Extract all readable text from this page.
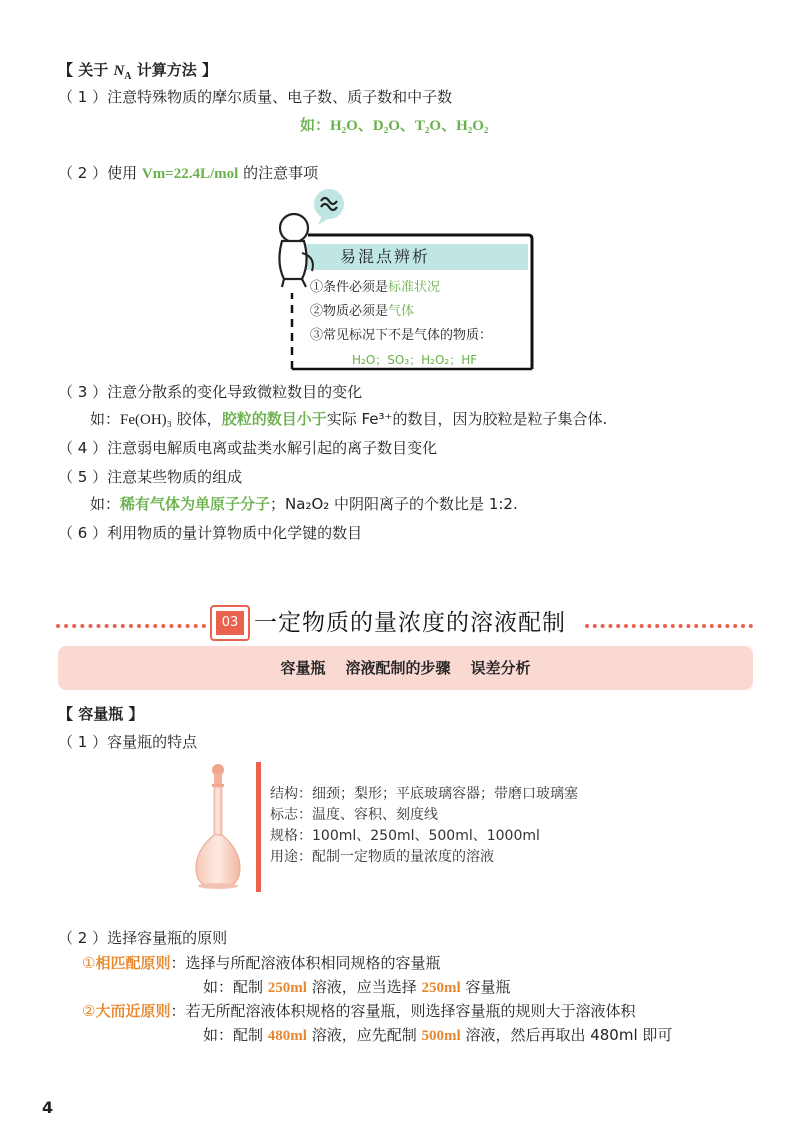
【 关于 $N_A$ 计算方法 】
（ 1 ）注意特殊物质的摩尔质量、电子数、质子数和中子数
如：H₂O、D₂O、T₂O、H₂O₂
（ 2 ）使用 Vm=22.4L/mol 的注意事项
易混点辨析
①条件必须是标准状况
②物质必须是气体
③常见标况下不是气体的物质：
H₂O；SO₃；H₂O₂；HF
（ 3 ）注意分散系的变化导致微粒数目的变化
如：Fe(OH)₃ 胶体，胶粒的数目小于实际 Fe³⁺的数目，因为胶粒是粒子集合体.
（ 4 ）注意弱电解质电离或盐类水解引起的离子数目变化
（ 5 ）注意某些物质的组成
如：稀有气体为单原子分子；Na₂O₂ 中阴阳离子的个数比是 1:2.
（ 6 ）利用物质的量计算物质中化学键的数目
03 一定物质的量浓度的溶液配制
容量瓶 溶液配制的步骤 误差分析
【 容量瓶 】
（ 1 ）容量瓶的特点
结构：细颈；梨形；平底玻璃容器；带磨口玻璃塞
标志：温度、容积、刻度线
规格：100ml、250ml、500ml、1000ml
用途：配制一定物质的量浓度的溶液
（ 2 ）选择容量瓶的原则
①相匹配原则：选择与所配溶液体积相同规格的容量瓶
如：配制 250ml 溶液，应当选择 250ml 容量瓶
②大而近原则：若无所配溶液体积规格的容量瓶，则选择容量瓶的规则大于溶液体积
如：配制 480ml 溶液，应先配制 500ml 溶液，然后再取出 480ml 即可
4
